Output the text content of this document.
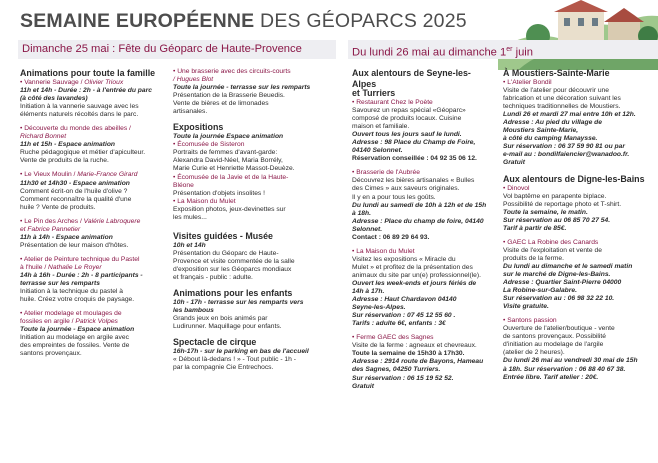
SEMAINE EUROPÉENNE DES GÉOPARCS 2025
Dimanche 25 mai : Fête du Géoparc de Haute-Provence	Du lundi 26 mai au dimanche 1er juin

Animations pour toute la famille

• Vannerie Sauvage / Olivier Trioux

11h et 14h - Durée : 2h - à l'entrée du parc

(à côté des lavandes)

Initiation à la vannerie sauvage avec les

éléments naturels récoltés dans le parc.

• Découverte du monde des abeilles /

Richard Bonnet

11h et 15h - Espace animation

Ruche pédagogique et métier d'apiculteur.

Vente de produits de la ruche.

• Le Vieux Moulin / Marie-France Girard

11h30 et 14h30 - Espace animation

Comment écrit-on de l'huile d'olive ?

Comment reconnaître la qualité d'une

huile ? Vente de produits.

• Le Pin des Arches / Valérie Labroquere

et Fabrice Pannetier

11h à 14h - Espace animation

Présentation de leur maison d'hôtes.

• Atelier de Peinture technique du Pastel

à l'huile / Nathalie Le Royer

14h à 16h - Durée : 2h - 8 participants -

terrasse sur les remparts

Initiation à la technique du pastel à

huile. Créez votre croquis de paysage.

• Atelier modelage et moulages de

fossiles en argile / Patrick Volpes

Toute la journée - Espace animation

Initiation au modelage en argile avec

des empreintes de fossiles. Vente de

santons provençaux.

• Une brasserie avec des circuits-courts

/ Hugues Blot

Toute la journée - terrasse sur les remparts

Présentation de la Brasserie Beuedis.

Vente de bières et de limonades

artisanales.

Expositions

Toute la journée Espace animation

• Écomusée de Sisteron

Portraits de femmes d'avant-garde:

Alexandra David-Néel, Maria Borrély,

Marie Curie et Henriette Massot-Deuèze.

• Écomusée de la Javie et de la Haute-

Bléone

Présentation d'objets insolites !

• La Maison du Mulet

Exposition photos, jeux-devinettes sur

les mules...

Visites guidées - Musée

10h et 14h

Présentation du Géoparc de Haute-

Provence et visite commentée de la salle

d'exposition sur les Géoparcs mondiaux

et français - public : adulte.

Animations pour les enfants

10h - 17h - terrasse sur les remparts vers

les bambous

Grands jeux en bois animés par

Ludirunner. Maquillage pour enfants.

Spectacle de cirque

16h-17h - sur le parking en bas de l'accueil

« Débout là-dedans ! » - Tout public - 1h -

par la compagnie Cie Entrechocs.

Aux alentours de Seyne-les-Alpes

et Turriers

• Restaurant Chez le Poète

Savourez un repas spécial «Géoparc»

composé de produits locaux. Cuisine

maison et familiale.

Ouvert tous les jours sauf le lundi.

Adresse : 98 Place du Champ de Foire,

04140 Selonnet.

Réservation conseillée : 04 92 35 06 12.

• Brasserie de l'Aubrée

Découvrez les bières artisanales « Bulles

des Cimes » aux saveurs originales.

Il y en a pour tous les goûts.

Du lundi au samedi de 10h à 12h et de 15h

à 18h.

Adresse : Place du champ de foire, 04140

Selonnet.

Contact : 06 89 29 64 93.

• La Maison du Mulet

Visitez les expositions « Miracle du

Mulet » et profitez de la présentation des

animaux du site par un(e) professionnel(le).

Ouvert les week-ends et jours fériés de

14h à 17h.

Adresse : Haut Chardavon 04140

Seyne-les-Alpes.

Sur réservation : 07 45 12 55 60 .

Tarifs : adulte 6€, enfants : 3€

• Ferme GAEC des Sagnes

Visite de la ferme : agneaux et chevreaux.

Toute la semaine de 15h30 à 17h30.

Adresse : 2914 route de Bayons, Hameau

des Sagnes, 04250 Turriers.

Sur réservation : 06 15 19 52 52.

Gratuit

À Moustiers-Sainte-Marie

• L'Atelier Bondil

Visite de l'atelier pour découvrir une

fabrication et une décoration suivant les

techniques traditionnelles de Moustiers.

Lundi 26 et mardi 27 mai entre 10h et 12h.

Adresse : Au pied du village de

Moustiers Sainte-Marie,

à côté du camping Manaysse.

Sur réservation : 06 37 59 90 81 ou par

e-mail au : bondilfaiencier@wanadoo.fr.

Gratuit

Aux alentours de Digne-les-Bains

• Dinovol

Vol baptême en parapente biplace.

Possibilité de reportage photo et T-shirt.

Toute la semaine, le matin.

Sur réservation au 06 85 70 27 54.

Tarif à partir de 85€.

• GAEC La Robine des Canards

Visite de l'exploitation et vente de

produits de la ferme.

Du lundi au dimanche et le samedi matin

sur le marché de Digne-les-Bains.

Adresse : Quartier Saint-Pierre 04000

La Robine-sur-Galabre.

Sur réservation au : 06 98 32 22 10.

Visite gratuite.

• Santons passion

Ouverture de l'atelier/boutique - vente

de santons provençaux. Possibilité

d'initiation au modelage de l'argile

(atelier de 2 heures).

Du lundi 26 mai au vendredi 30 mai de 15h

à 18h. Sur réservation : 06 88 40 67 38.

Entrée libre. Tarif atelier : 20€.
